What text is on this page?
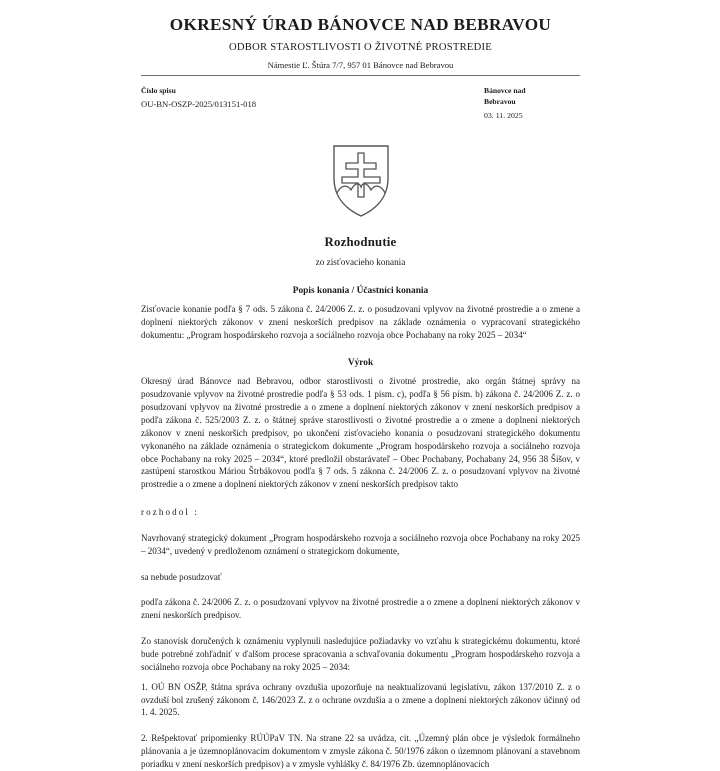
OKRESNÝ ÚRAD BÁNOVCE NAD BEBRAVOU
ODBOR STAROSTLIVOSTI O ŽIVOTNÉ PROSTREDIE
Námestie Ľ. Štúra 7/7, 957 01 Bánovce nad Bebravou
Číslo spisu
OU-BN-OSZP-2025/013151-018
Bánovce nad
Bebravou
03. 11. 2025
Rozhodnutie
zo zisťovacieho konania
Popis konania / Účastníci konania

Zisťovacie konanie podľa § 7 ods. 5 zákona č. 24/2006 Z. z. o posudzovaní vplyvov na životné prostredie a o zmene a doplnení niektorých zákonov v znení neskorších predpisov na základe oznámenia o vypracovaní strategického dokumentu: „Program hospodárskeho rozvoja a sociálneho rozvoja obce Pochabany na roky 2025 – 2034“

Výrok

Okresný úrad Bánovce nad Bebravou, odbor starostlivosti o životné prostredie, ako orgán štátnej správy na posudzovanie vplyvov na životné prostredie podľa § 53 ods. 1 písm. c), podľa § 56 písm. b) zákona č. 24/2006 Z. z. o posudzovaní vplyvov na životné prostredie a o zmene a doplnení niektorých zákonov v znení neskorších predpisov a podľa zákona č. 525/2003 Z. z. o štátnej správe starostlivosti o životné prostredie a o zmene a doplnení niektorých zákonov v znení neskorších predpisov, po ukončení zisťovacieho konania o posudzovaní strategického dokumentu vykonaného na základe oznámenia o strategickom dokumente „Program hospodárskeho rozvoja a sociálneho rozvoja obce Pochabany na roky 2025 – 2034“, ktoré predložil obstarávateľ – Obec Pochabany, Pochabany 24, 956 38 Šišov, v zastúpení starostkou Máriou Štrbákovou podľa § 7 ods. 5 zákona č. 24/2006 Z. z. o posudzovaní vplyvov na životné prostredie a o zmene a doplnení niektorých zákonov v znení neskorších predpisov takto

rozhodol :

Navrhovaný strategický dokument „Program hospodárskeho rozvoja a sociálneho rozvoja obce Pochabany na roky 2025 – 2034“, uvedený v predloženom oznámení o strategickom dokumente,

sa nebude posudzovať

podľa zákona č. 24/2006 Z. z. o posudzovaní vplyvov na životné prostredie a o zmene a doplnení niektorých zákonov v znení neskorších predpisov.

Zo stanovísk doručených k oznámeniu vyplynuli nasledujúce požiadavky vo vzťahu k strategickému dokumentu, ktoré bude potrebné zohľadniť v ďalšom procese spracovania a schvaľovania dokumentu „Program hospodárskeho rozvoja a sociálneho rozvoja obce Pochabany na roky 2025 – 2034:

1. OÚ BN OSŽP, štátna správa ochrany ovzdušia upozorňuje na neaktualizovanú legislatívu, zákon 137/2010 Z. z o ovzduší bol zrušený zákonom č. 146/2023 Z. z o ochrane ovzdušia a o zmene a doplnení niektorých zákonov účinný od 1. 4. 2025.

2. Rešpektovať pripomienky RÚÚPaV TN. Na strane 22 sa uvádza, cit. „Územný plán obce je výsledok formálneho plánovania a je územnoplánovacím dokumentom v zmysle zákona č. 50/1976 zákon o územnom plánovaní a stavebnom poriadku v znení neskorších predpisov) a v zmysle vyhlášky č. 84/1976 Zb. územnoplánovacích
